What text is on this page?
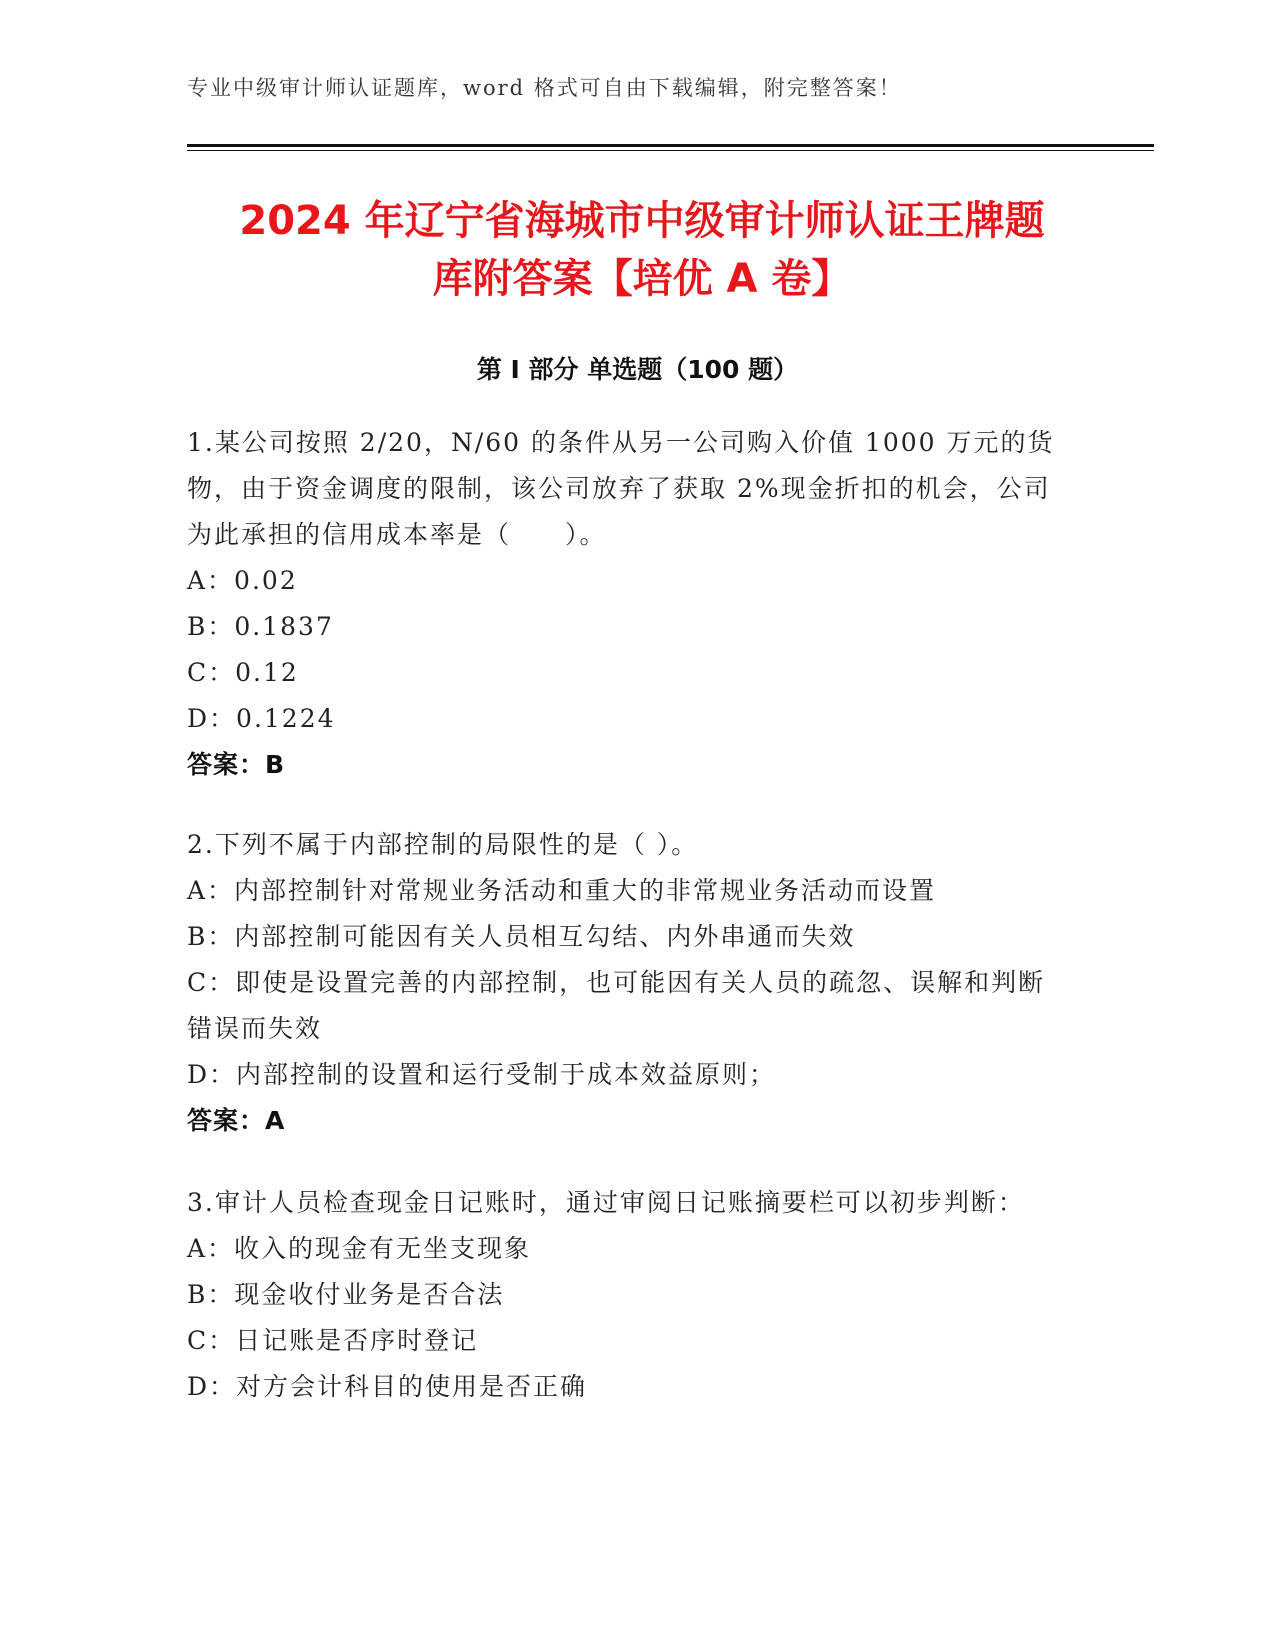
专业中级审计师认证题库，word 格式可自由下载编辑，附完整答案！
2024 年辽宁省海城市中级审计师认证王牌题
库附答案【培优 A 卷】
第 I 部分 单选题（100 题）
1.某公司按照 2/20，N/60 的条件从另一公司购入价值 1000 万元的货物，由于资金调度的限制，该公司放弃了获取 2%现金折扣的机会，公司为此承担的信用成本率是（　　）。
A：0.02
B：0.1837
C：0.12
D：0.1224
答案：B
2.下列不属于内部控制的局限性的是（ ）。
A：内部控制针对常规业务活动和重大的非常规业务活动而设置
B：内部控制可能因有关人员相互勾结、内外串通而失效
C：即使是设置完善的内部控制，也可能因有关人员的疏忽、误解和判断错误而失效
D：内部控制的设置和运行受制于成本效益原则；
答案：A
3.审计人员检查现金日记账时，通过审阅日记账摘要栏可以初步判断：
A：收入的现金有无坐支现象
B：现金收付业务是否合法
C：日记账是否序时登记
D：对方会计科目的使用是否正确
